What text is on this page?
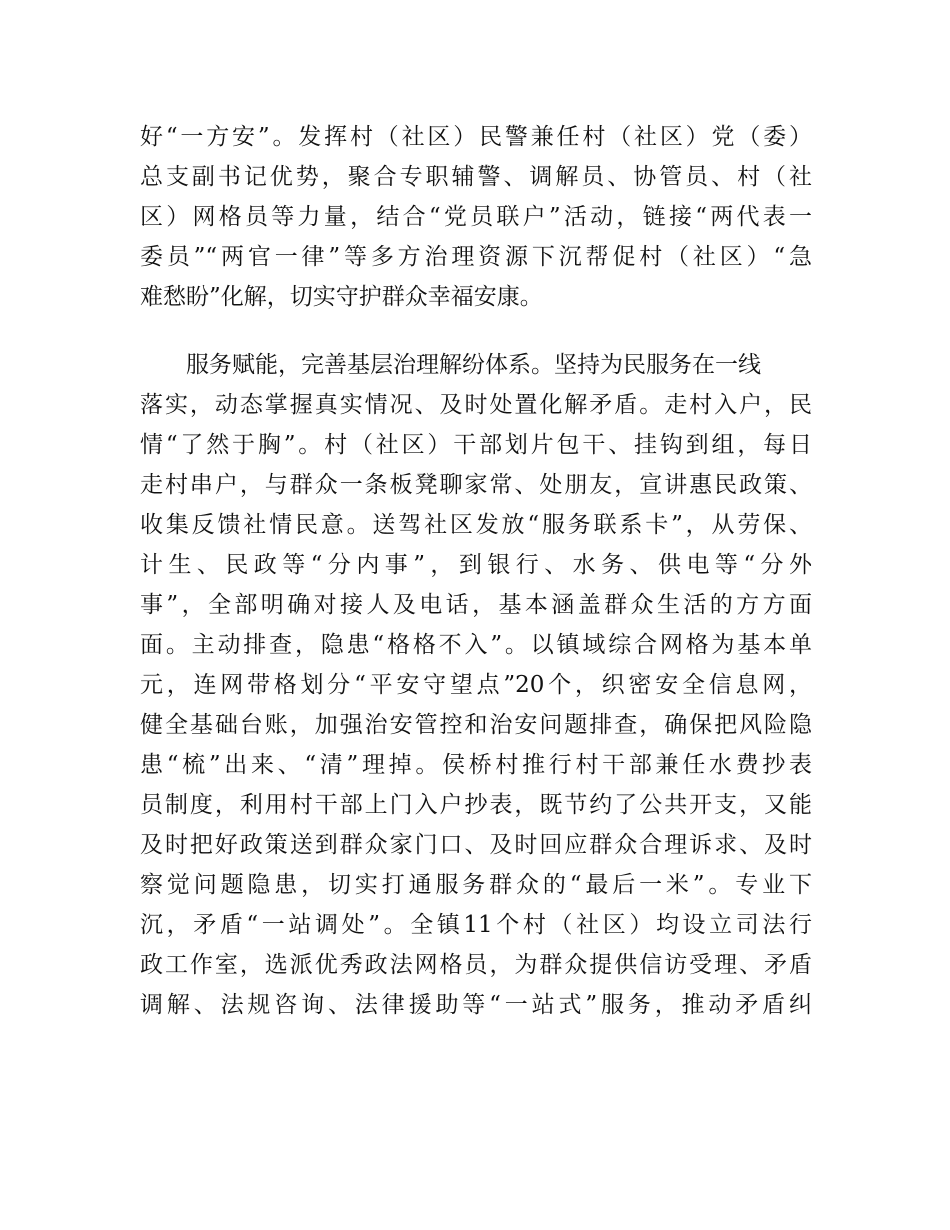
好“一方安”。发挥村（社区）民警兼任村（社区）党（委）
总支副书记优势，聚合专职辅警、调解员、协管员、村（社
区）网格员等力量，结合“党员联户”活动，链接“两代表一
委员”“两官一律”等多方治理资源下沉帮促村（社区）“急
难愁盼”化解，切实守护群众幸福安康。
服务赋能，完善基层治理解纷体系。坚持为民服务在一线
落实，动态掌握真实情况、及时处置化解矛盾。走村入户，民
情“了然于胸”。村（社区）干部划片包干、挂钩到组，每日
走村串户，与群众一条板凳聊家常、处朋友，宣讲惠民政策、
收集反馈社情民意。送驾社区发放“服务联系卡”，从劳保、
计生、民政等“分内事”，到银行、水务、供电等“分外
事”，全部明确对接人及电话，基本涵盖群众生活的方方面
面。主动排查，隐患“格格不入”。以镇域综合网格为基本单
元，连网带格划分“平安守望点”20个，织密安全信息网，
健全基础台账，加强治安管控和治安问题排查，确保把风险隐
患“梳”出来、“清”理掉。侯桥村推行村干部兼任水费抄表
员制度，利用村干部上门入户抄表，既节约了公共开支，又能
及时把好政策送到群众家门口、及时回应群众合理诉求、及时
察觉问题隐患，切实打通服务群众的“最后一米”。专业下
沉，矛盾“一站调处”。全镇11个村（社区）均设立司法行
政工作室，选派优秀政法网格员，为群众提供信访受理、矛盾
调解、法规咨询、法律援助等“一站式”服务，推动矛盾纠
